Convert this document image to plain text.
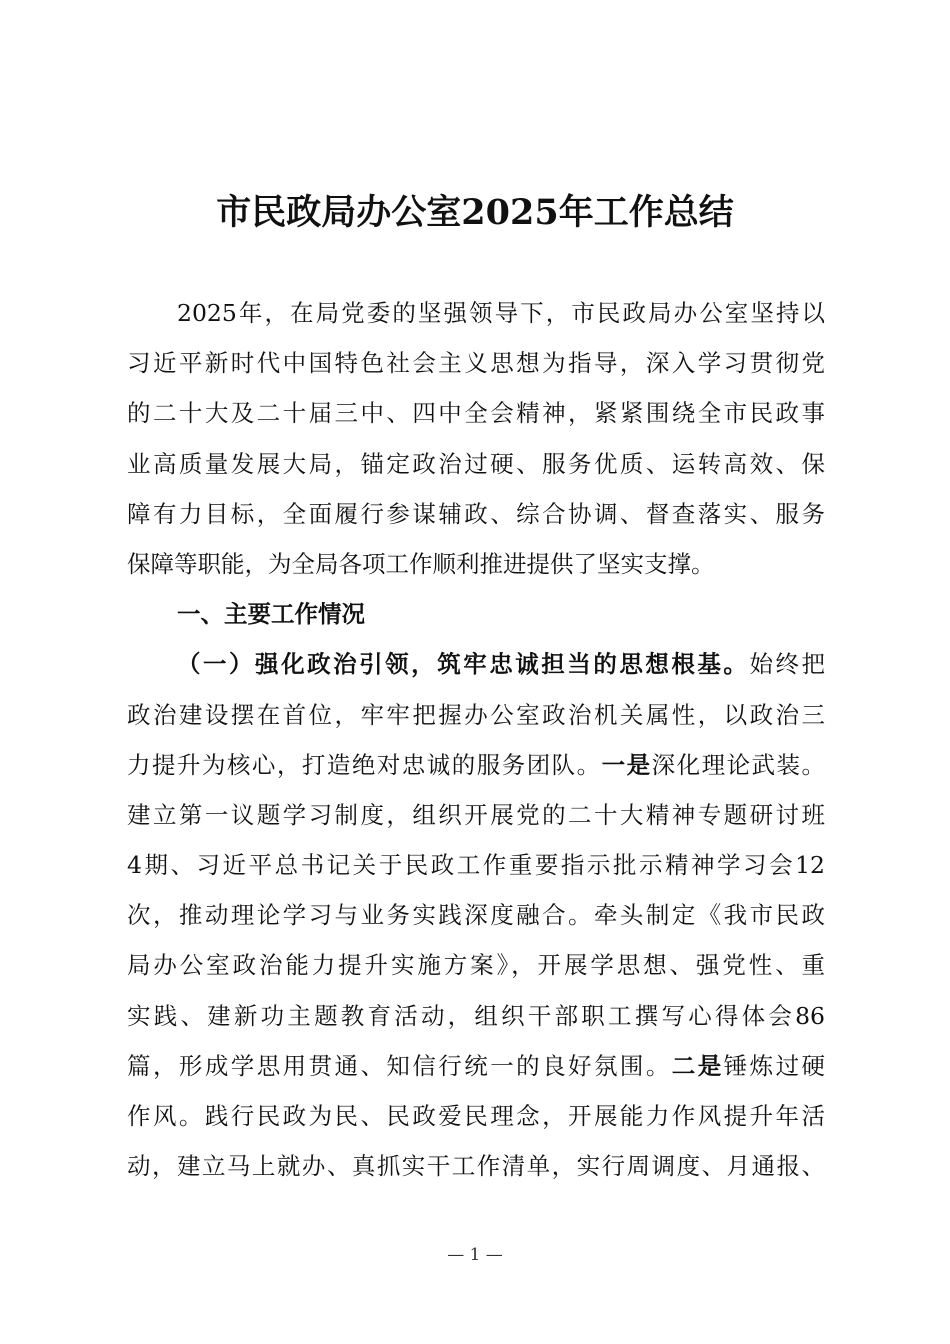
市民政局办公室2025年工作总结
2025年，在局党委的坚强领导下，市民政局办公室坚持以
习近平新时代中国特色社会主义思想为指导，深入学习贯彻党
的二十大及二十届三中、四中全会精神，紧紧围绕全市民政事
业高质量发展大局，锚定政治过硬、服务优质、运转高效、保
障有力目标，全面履行参谋辅政、综合协调、督查落实、服务
保障等职能，为全局各项工作顺利推进提供了坚实支撑。
一、主要工作情况
（一）强化政治引领，筑牢忠诚担当的思想根基。始终把
政治建设摆在首位，牢牢把握办公室政治机关属性，以政治三
力提升为核心，打造绝对忠诚的服务团队。一是深化理论武装。
建立第一议题学习制度，组织开展党的二十大精神专题研讨班
4期、习近平总书记关于民政工作重要指示批示精神学习会12
次，推动理论学习与业务实践深度融合。牵头制定《我市民政
局办公室政治能力提升实施方案》，开展学思想、强党性、重
实践、建新功主题教育活动，组织干部职工撰写心得体会86
篇，形成学思用贯通、知信行统一的良好氛围。二是锤炼过硬
作风。践行民政为民、民政爱民理念，开展能力作风提升年活
动，建立马上就办、真抓实干工作清单，实行周调度、月通报、
— 1 —
